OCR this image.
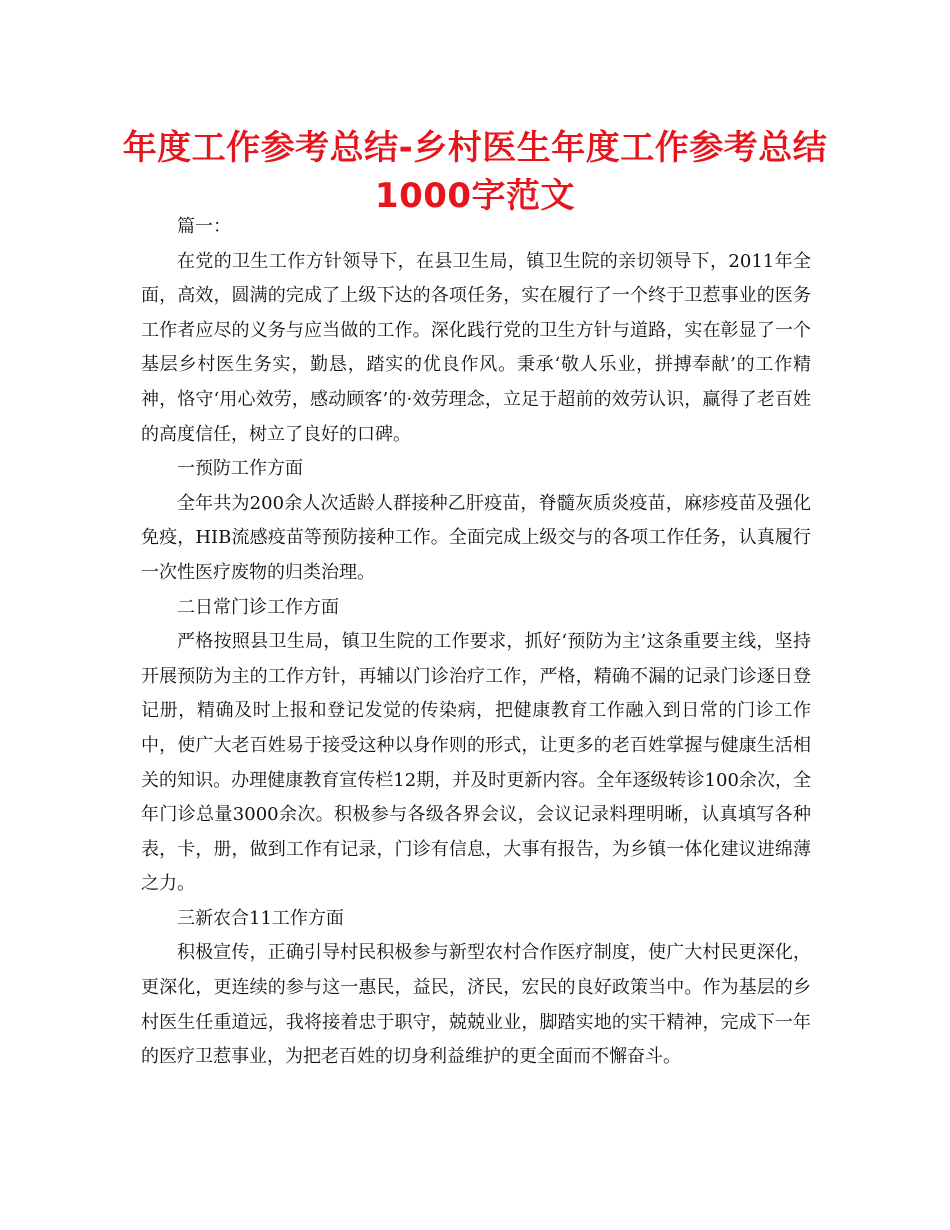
年度工作参考总结-乡村医生年度工作参考总结
1000字范文

篇一：

在党的卫生工作方针领导下，在县卫生局，镇卫生院的亲切领导下，2011年全面，高效，圆满的完成了上级下达的各项任务，实在履行了一个终于卫惹事业的医务工作者应尽的义务与应当做的工作。深化践行党的卫生方针与道路，实在彰显了一个基层乡村医生务实，勤恳，踏实的优良作风。秉承‘敬人乐业，拼搏奉献’的工作精神，恪守‘用心效劳，感动顾客’的·效劳理念，立足于超前的效劳认识，赢得了老百姓的高度信任，树立了良好的口碑。

一预防工作方面

全年共为200余人次适龄人群接种乙肝疫苗，脊髓灰质炎疫苗，麻疹疫苗及强化免疫，HIB流感疫苗等预防接种工作。全面完成上级交与的各项工作任务，认真履行一次性医疗废物的归类治理。

二日常门诊工作方面

严格按照县卫生局，镇卫生院的工作要求，抓好‘预防为主’这条重要主线，坚持开展预防为主的工作方针，再辅以门诊治疗工作，严格，精确不漏的记录门诊逐日登记册，精确及时上报和登记发觉的传染病，把健康教育工作融入到日常的门诊工作中，使广大老百姓易于接受这种以身作则的形式，让更多的老百姓掌握与健康生活相关的知识。办理健康教育宣传栏12期，并及时更新内容。全年逐级转诊100余次，全年门诊总量3000余次。积极参与各级各界会议，会议记录料理明晰，认真填写各种表，卡，册，做到工作有记录，门诊有信息，大事有报告，为乡镇一体化建议进绵薄之力。

三新农合11工作方面

积极宣传，正确引导村民积极参与新型农村合作医疗制度，使广大村民更深化，更深化，更连续的参与这一惠民，益民，济民，宏民的良好政策当中。作为基层的乡村医生任重道远，我将接着忠于职守，兢兢业业，脚踏实地的实干精神，完成下一年的医疗卫惹事业，为把老百姓的切身利益维护的更全面而不懈奋斗。
